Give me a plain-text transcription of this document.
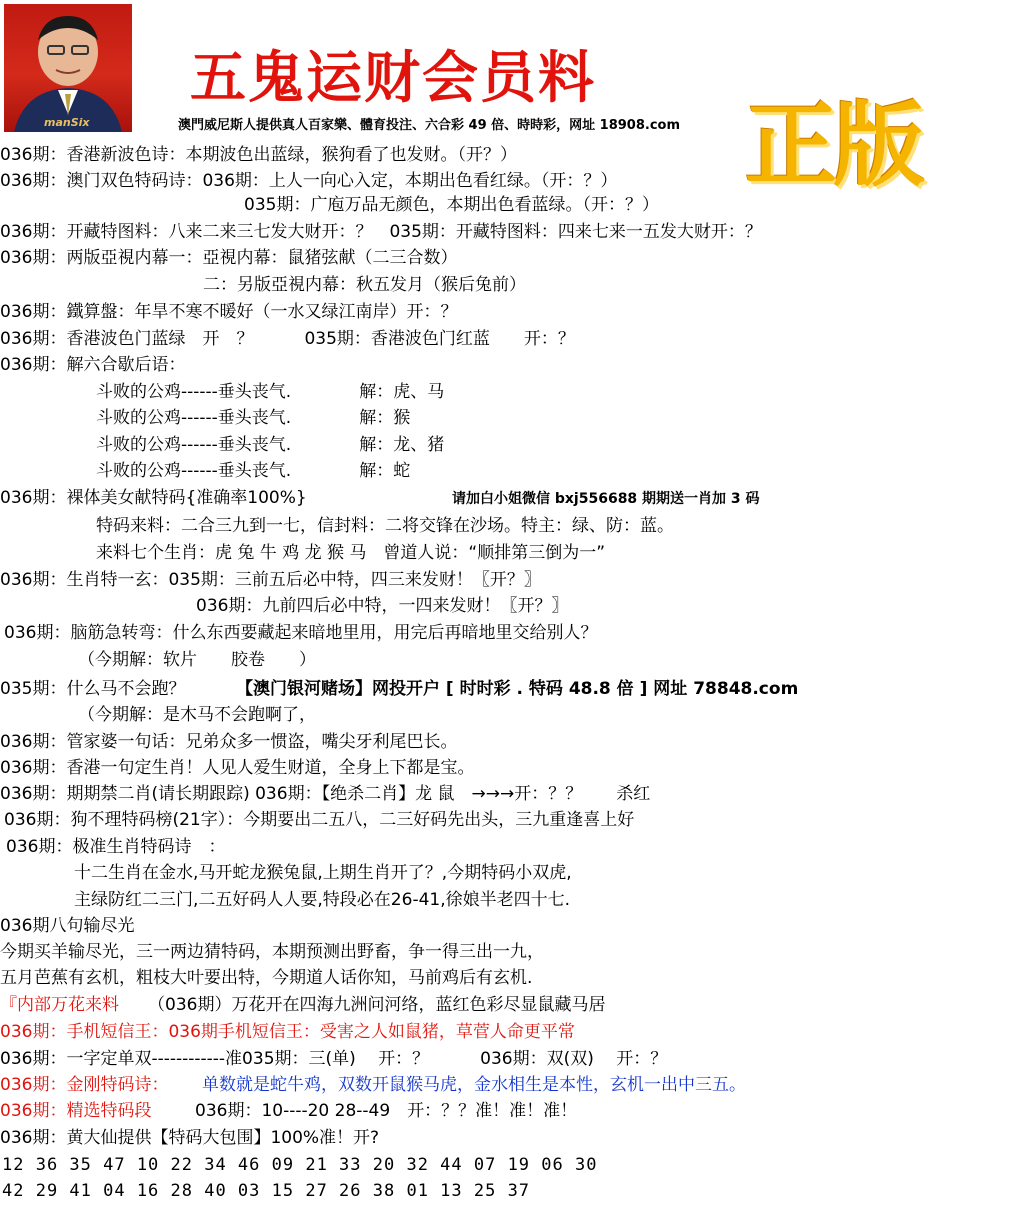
manSix
五鬼运财会员料
澳門威尼斯人提供真人百家樂、體育投注、六合彩 49 倍、時時彩，网址 18908.com 正版
036期：香港新波色诗：本期波色出蓝绿，猴狗看了也发财。（开？）
036期：澳门双色特码诗：036期：上人一向心入定，本期出色看红绿。（开：？）
035期：广庖万品无颜色，本期出色看蓝绿。（开：？）
036期：开藏特图料：八来二来三七发大财开：？　035期：开藏特图料：四来七来一五发大财开：？
036期：两版亞視内幕一：亞視内幕：鼠猪弦献（二三合数）
二：另版亞視内幕：秋五发月（猴后兔前）
036期：鐵算盤：年旱不寒不暖好（一水又绿江南岸）开：？
036期：香港波色门蓝绿　开　？　　　035期：香港波色门红蓝　　开：？
036期：解六合歇后语：
斗败的公鸡------垂头丧气.　　　　解：虎、马
斗败的公鸡------垂头丧气.　　　　解：猴
斗败的公鸡------垂头丧气.　　　　解：龙、猪
斗败的公鸡------垂头丧气.　　　　解：蛇
036期：裸体美女献特码{准确率100%}	请加白小姐微信 bxj556688 期期送一肖加 3 码
特码来料：二合三九到一七，信封料：二将交锋在沙场。特主：绿、防：蓝。
来料七个生肖：虎 兔 牛 鸡 龙 猴 马　曾道人说：“顺排第三倒为一”
036期：生肖特一玄：035期：三前五后必中特，四三来发财！〖开？〗
036期：九前四后必中特，一四来发财！〖开？〗
036期：脑筋急转弯：什么东西要藏起来暗地里用，用完后再暗地里交给别人？
（今期解：软片　　胶卷　　）
035期：什么马不会跑？	【澳门银河赌场】网投开户 [ 时时彩 . 特码 48.8 倍 ] 网址 78848.com
（今期解：是木马不会跑啊了，
036期：管家婆一句话：兄弟众多一惯盗，嘴尖牙利尾巴长。
036期：香港一句定生肖！人见人爱生财道，全身上下都是宝。
036期：期期禁二肖(请长期跟踪) 036期：【绝杀二肖】龙 鼠　→→→开：？？　　杀红
036期：狗不理特码榜(21字）：今期要出二五八，二三好码先出头，三九重逢喜上好
036期：极准生肖特码诗　：
十二生肖在金水,马开蛇龙猴兔鼠,上期生肖开了？,今期特码小双虎,
主绿防红二三门,二五好码人人要,特段必在26-41,徐娘半老四十七.
036期八句输尽光
今期买羊输尽光，三一两边猜特码，本期预测出野畜，争一得三出一九，
五月芭蕉有玄机，粗枝大叶要出特，今期道人话你知，马前鸡后有玄机.
『内部万花来料 （036期）万花开在四海九洲问河络，蓝红色彩尽显鼠藏马居
036期：手机短信王：036期手机短信王：受害之人如鼠猪，草菅人命更平常
036期：一字定单双------------准035期：三(单)　 开：？　　　036期：双(双)　 开：？
036期：金刚特码诗： 单数就是蛇牛鸡，双数开鼠猴马虎，金水相生是本性，玄机一出中三五。
036期：精选特码段	036期：10----20 28--49　开：？？准！准！准！
036期：黄大仙提供【特码大包围】100%准！开?
12 36 35 47 10 22 34 46 09 21 33 20 32 44 07 19 06 30
42 29 41 04 16 28 40 03 15 27 26 38 01 13 25 37
